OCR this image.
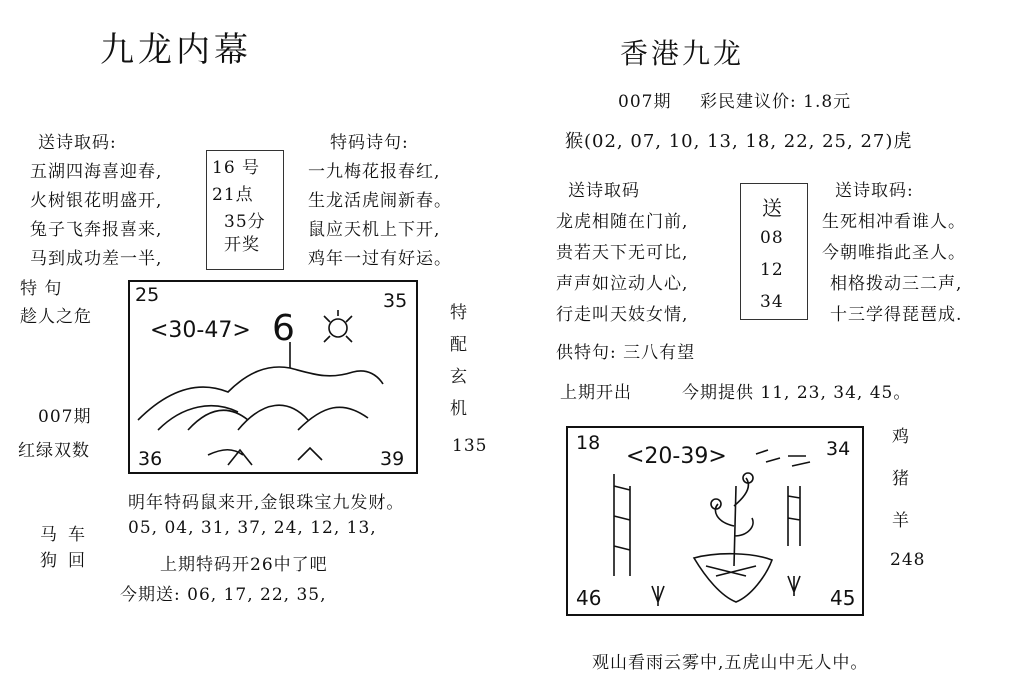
九龙内幕
送诗取码:	特码诗句:
五湖四海喜迎春,
火树银花明盛开,
兔子飞奔报喜来,
马到成功差一半,
16 号
21点
35分
开奖
一九梅花报春红,
生龙活虎闹新春。
鼠应天机上下开,
鸡年一过有好运。
特 句
趁人之危
007期
红绿双数
25	35
36	39
<30-47> 6	特
配
玄
机
135
马
狗
车
回
明年特码鼠来开,金银珠宝九发财。
05, 04, 31, 37, 24, 12, 13,
上期特码开26中了吧
今期送: 06, 17, 22, 35,
香港九龙
007期 彩民建议价: 1.8元
猴(02, 07, 10, 13, 18, 22, 25, 27)虎
送诗取码	送诗取码:
龙虎相随在门前,
贵若天下无可比,
声声如泣动人心,
行走叫天妓女情,
送
08
12
34
生死相冲看谁人。
今朝唯指此圣人。
相格拨动三二声,
十三学得琵琶成.
供特句: 三八有望
上期开出	今期提供 11, 23, 34, 45。
18	34
46	45
<20-39>
鸡
猪
羊
248
观山看雨云雾中,五虎山中无人中。
